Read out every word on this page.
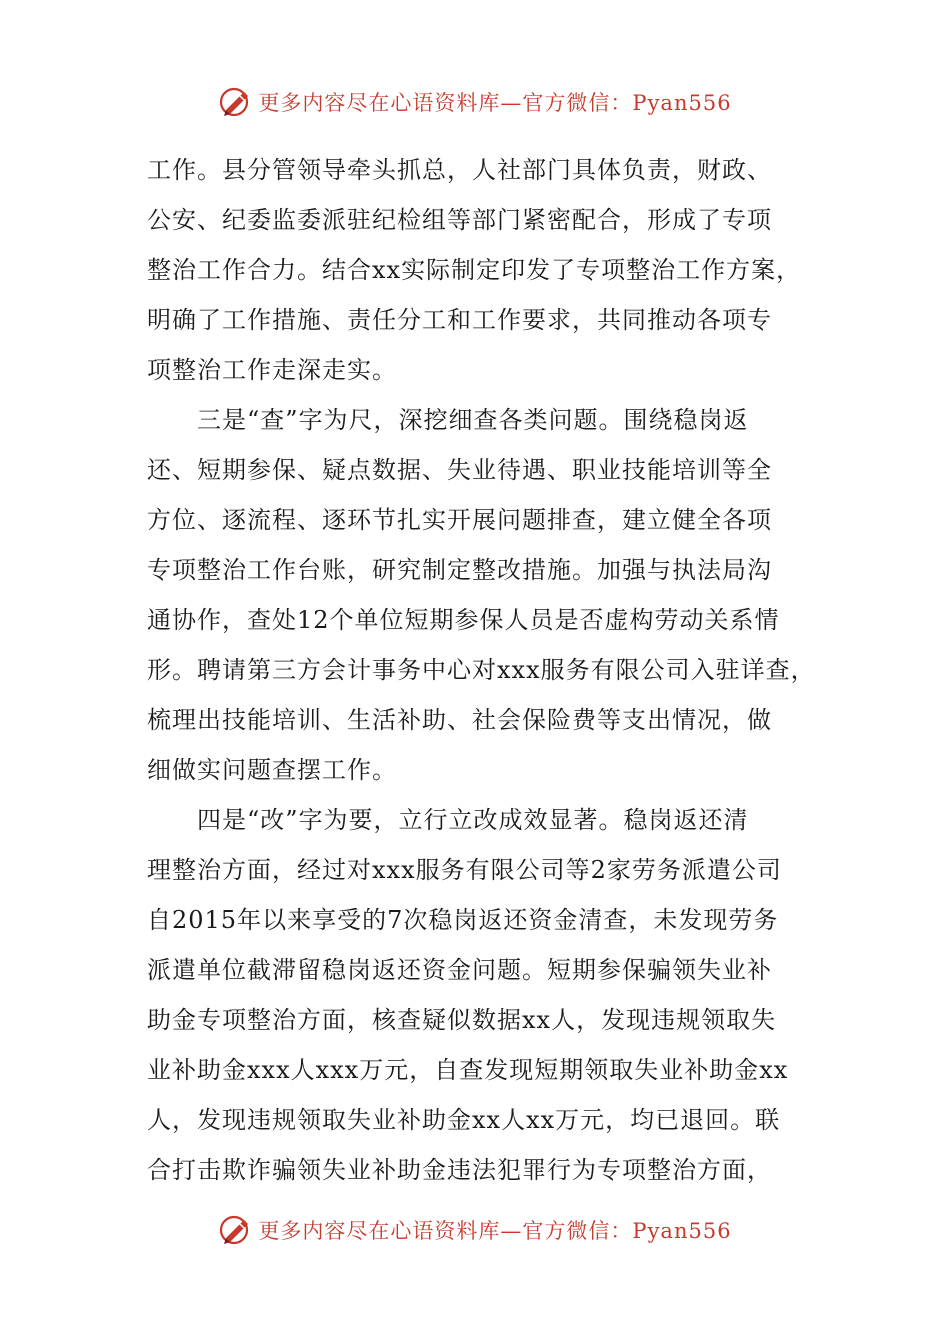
更多内容尽在心语资料库—官方微信：Pyan556
工作。县分管领导牵头抓总，人社部门具体负责，财政、
公安、纪委监委派驻纪检组等部门紧密配合，形成了专项
整治工作合力。结合xx实际制定印发了专项整治工作方案，
明确了工作措施、责任分工和工作要求，共同推动各项专
项整治工作走深走实。
三是“查”字为尺，深挖细查各类问题。围绕稳岗返
还、短期参保、疑点数据、失业待遇、职业技能培训等全
方位、逐流程、逐环节扎实开展问题排查，建立健全各项
专项整治工作台账，研究制定整改措施。加强与执法局沟
通协作，查处12个单位短期参保人员是否虚构劳动关系情
形。聘请第三方会计事务中心对xxx服务有限公司入驻详查，
梳理出技能培训、生活补助、社会保险费等支出情况，做
细做实问题查摆工作。
四是“改”字为要，立行立改成效显著。稳岗返还清
理整治方面，经过对xxx服务有限公司等2家劳务派遣公司
自2015年以来享受的7次稳岗返还资金清查，未发现劳务
派遣单位截滞留稳岗返还资金问题。短期参保骗领失业补
助金专项整治方面，核查疑似数据xx人，发现违规领取失
业补助金xxx人xxx万元，自查发现短期领取失业补助金xx
人，发现违规领取失业补助金xx人xx万元，均已退回。联
合打击欺诈骗领失业补助金违法犯罪行为专项整治方面，
更多内容尽在心语资料库—官方微信：Pyan556
